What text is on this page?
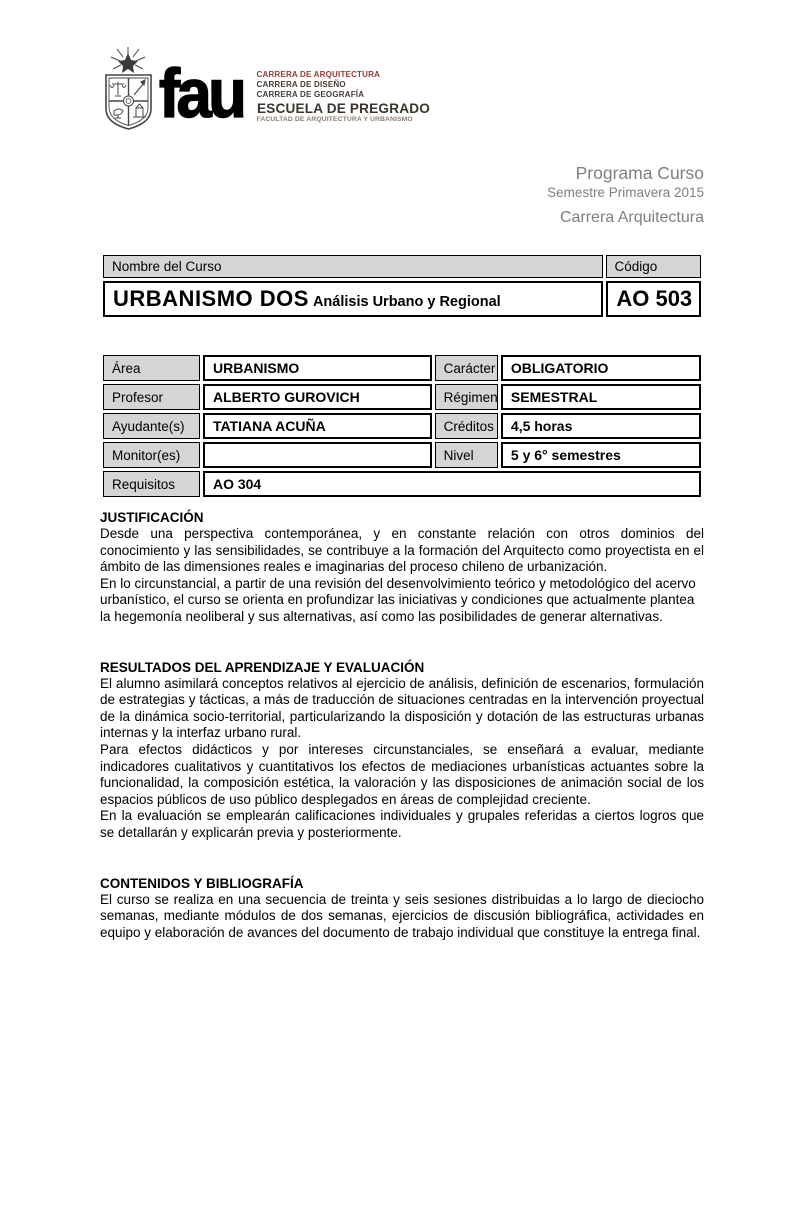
fau CARRERA DE ARQUITECTURA
CARRERA DE DISEÑO
CARRERA DE GEOGRAFÍA
ESCUELA DE PREGRADO
FACULTAD DE ARQUITECTURA Y URBANISMO
Programa Curso
Semestre Primavera 2015
Carrera Arquitectura
Nombre del Curso	Código
URBANISMO DOS Análisis Urbano y Regional	AO 503
Área	URBANISMO	Carácter	OBLIGATORIO
Profesor	ALBERTO GUROVICH	Régimen	SEMESTRAL
Ayudante(s)	TATIANA ACUÑA	Créditos	4,5 horas
Monitor(es)		Nivel	5 y 6° semestres
Requisitos	AO 304		
JUSTIFICACIÓN
Desde una perspectiva contemporánea, y en constante relación con otros dominios del conocimiento y las sensibilidades, se contribuye a la formación del Arquitecto como proyectista en el ámbito de las dimensiones reales e imaginarias del proceso chileno de urbanización.
En lo circunstancial, a partir de una revisión del desenvolvimiento teórico y metodológico del acervo urbanístico, el curso se orienta en profundizar las iniciativas y condiciones que actualmente plantea la hegemonía neoliberal y sus alternativas, así como las posibilidades de generar alternativas.
RESULTADOS DEL APRENDIZAJE Y EVALUACIÓN
El alumno asimilará conceptos relativos al ejercicio de análisis, definición de escenarios, formulación de estrategias y tácticas, a más de traducción de situaciones centradas en la intervención proyectual de la dinámica socio-territorial, particularizando la disposición y dotación de las estructuras urbanas internas y la interfaz urbano rural.
Para efectos didácticos y por intereses circunstanciales, se enseñará a evaluar, mediante indicadores cualitativos y cuantitativos los efectos de mediaciones urbanísticas actuantes sobre la funcionalidad, la composición estética, la valoración y las disposiciones de animación social de los espacios públicos de uso público desplegados en áreas de complejidad creciente.
En la evaluación se emplearán calificaciones individuales y grupales referidas a ciertos logros que se detallarán y explicarán previa y posteriormente.
CONTENIDOS Y BIBLIOGRAFÍA
El curso se realiza en una secuencia de treinta y seis sesiones distribuidas a lo largo de dieciocho semanas, mediante módulos de dos semanas, ejercicios de discusión bibliográfica, actividades en equipo y elaboración de avances del documento de trabajo individual que constituye la entrega final.
